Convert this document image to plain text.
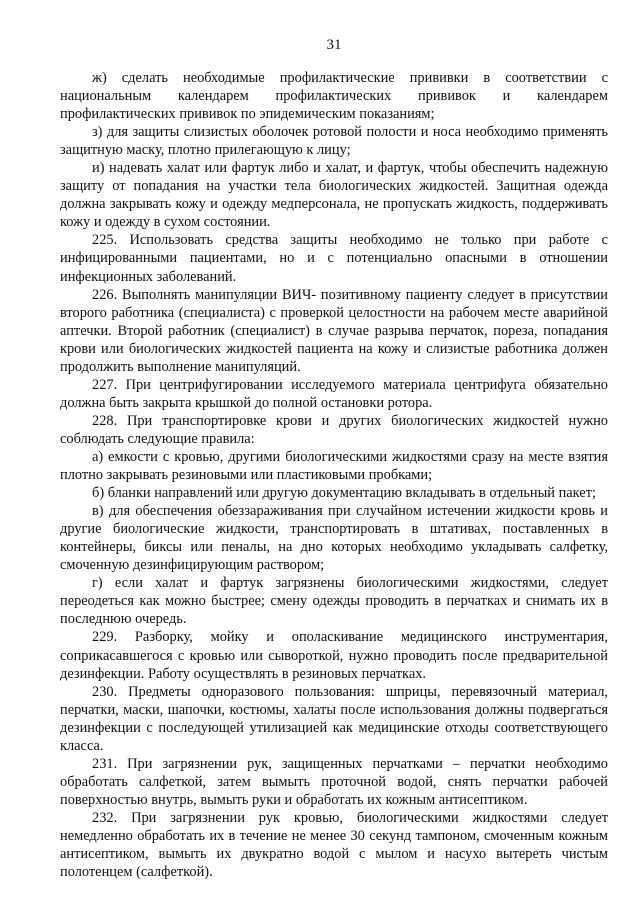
31

ж) сделать необходимые профилактические прививки в соответствии с национальным календарем профилактических прививок и календарем профилактических прививок по эпидемическим показаниям;

з) для защиты слизистых оболочек ротовой полости и носа необходимо применять защитную маску, плотно прилегающую к лицу;

и) надевать халат или фартук либо и халат, и фартук, чтобы обеспечить надежную защиту от попадания на участки тела биологических жидкостей. Защитная одежда должна закрывать кожу и одежду медперсонала, не пропускать жидкость, поддерживать кожу и одежду в сухом состоянии.

225. Использовать средства защиты необходимо не только при работе с инфицированными пациентами, но и с потенциально опасными в отношении инфекционных заболеваний.

226. Выполнять манипуляции ВИЧ- позитивному пациенту следует в присутствии второго работника (специалиста) с проверкой целостности на рабочем месте аварийной аптечки. Второй работник (специалист) в случае разрыва перчаток, пореза, попадания крови или биологических жидкостей пациента на кожу и слизистые работника должен продолжить выполнение манипуляций.

227. При центрифугировании исследуемого материала центрифуга обязательно должна быть закрыта крышкой до полной остановки ротора.

228. При транспортировке крови и других биологических жидкостей нужно соблюдать следующие правила:

а) емкости с кровью, другими биологическими жидкостями сразу на месте взятия плотно закрывать резиновыми или пластиковыми пробками;

б) бланки направлений или другую документацию вкладывать в отдельный пакет;

в) для обеспечения обеззараживания при случайном истечении жидкости кровь и другие биологические жидкости, транспортировать в штативах, поставленных в контейнеры, биксы или пеналы, на дно которых необходимо укладывать салфетку, смоченную дезинфицирующим раствором;

г) если халат и фартук загрязнены биологическими жидкостями, следует переодеться как можно быстрее; смену одежды проводить в перчатках и снимать их в последнюю очередь.

229. Разборку, мойку и ополаскивание медицинского инструментария, соприкасавшегося с кровью или сывороткой, нужно проводить после предварительной дезинфекции. Работу осуществлять в резиновых перчатках.

230. Предметы одноразового пользования: шприцы, перевязочный материал, перчатки, маски, шапочки, костюмы, халаты после использования должны подвергаться дезинфекции с последующей утилизацией как медицинские отходы соответствующего класса.

231. При загрязнении рук, защищенных перчатками – перчатки необходимо обработать салфеткой, затем вымыть проточной водой, снять перчатки рабочей поверхностью внутрь, вымыть руки и обработать их кожным антисептиком.

232. При загрязнении рук кровью, биологическими жидкостями следует немедленно обработать их в течение не менее 30 секунд тампоном, смоченным кожным антисептиком, вымыть их двукратно водой с мылом и насухо вытереть чистым полотенцем (салфеткой).
